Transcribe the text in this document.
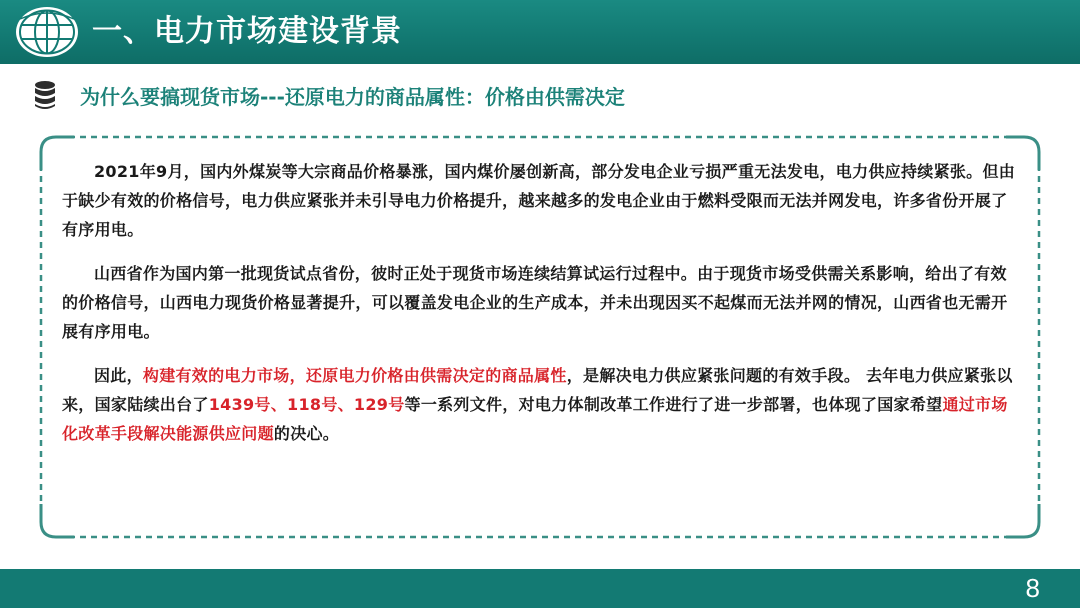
一、电力市场建设背景
为什么要搞现货市场---还原电力的商品属性：价格由供需决定

2021年9月，国内外煤炭等大宗商品价格暴涨，国内煤价屡创新高，部分发电企业亏损严重无法发电，电力供应持续紧张。但由于缺少有效的价格信号，电力供应紧张并未引导电力价格提升，越来越多的发电企业由于燃料受限而无法并网发电，许多省份开展了有序用电。

山西省作为国内第一批现货试点省份，彼时正处于现货市场连续结算试运行过程中。由于现货市场受供需关系影响，给出了有效的价格信号，山西电力现货价格显著提升，可以覆盖发电企业的生产成本，并未出现因买不起煤而无法并网的情况，山西省也无需开展有序用电。

因此，构建有效的电力市场，还原电力价格由供需决定的商品属性，是解决电力供应紧张问题的有效手段。 去年电力供应紧张以来，国家陆续出台了1439号、118号、129号等一系列文件，对电力体制改革工作进行了进一步部署，也体现了国家希望通过市场化改革手段解决能源供应问题的决心。

8
